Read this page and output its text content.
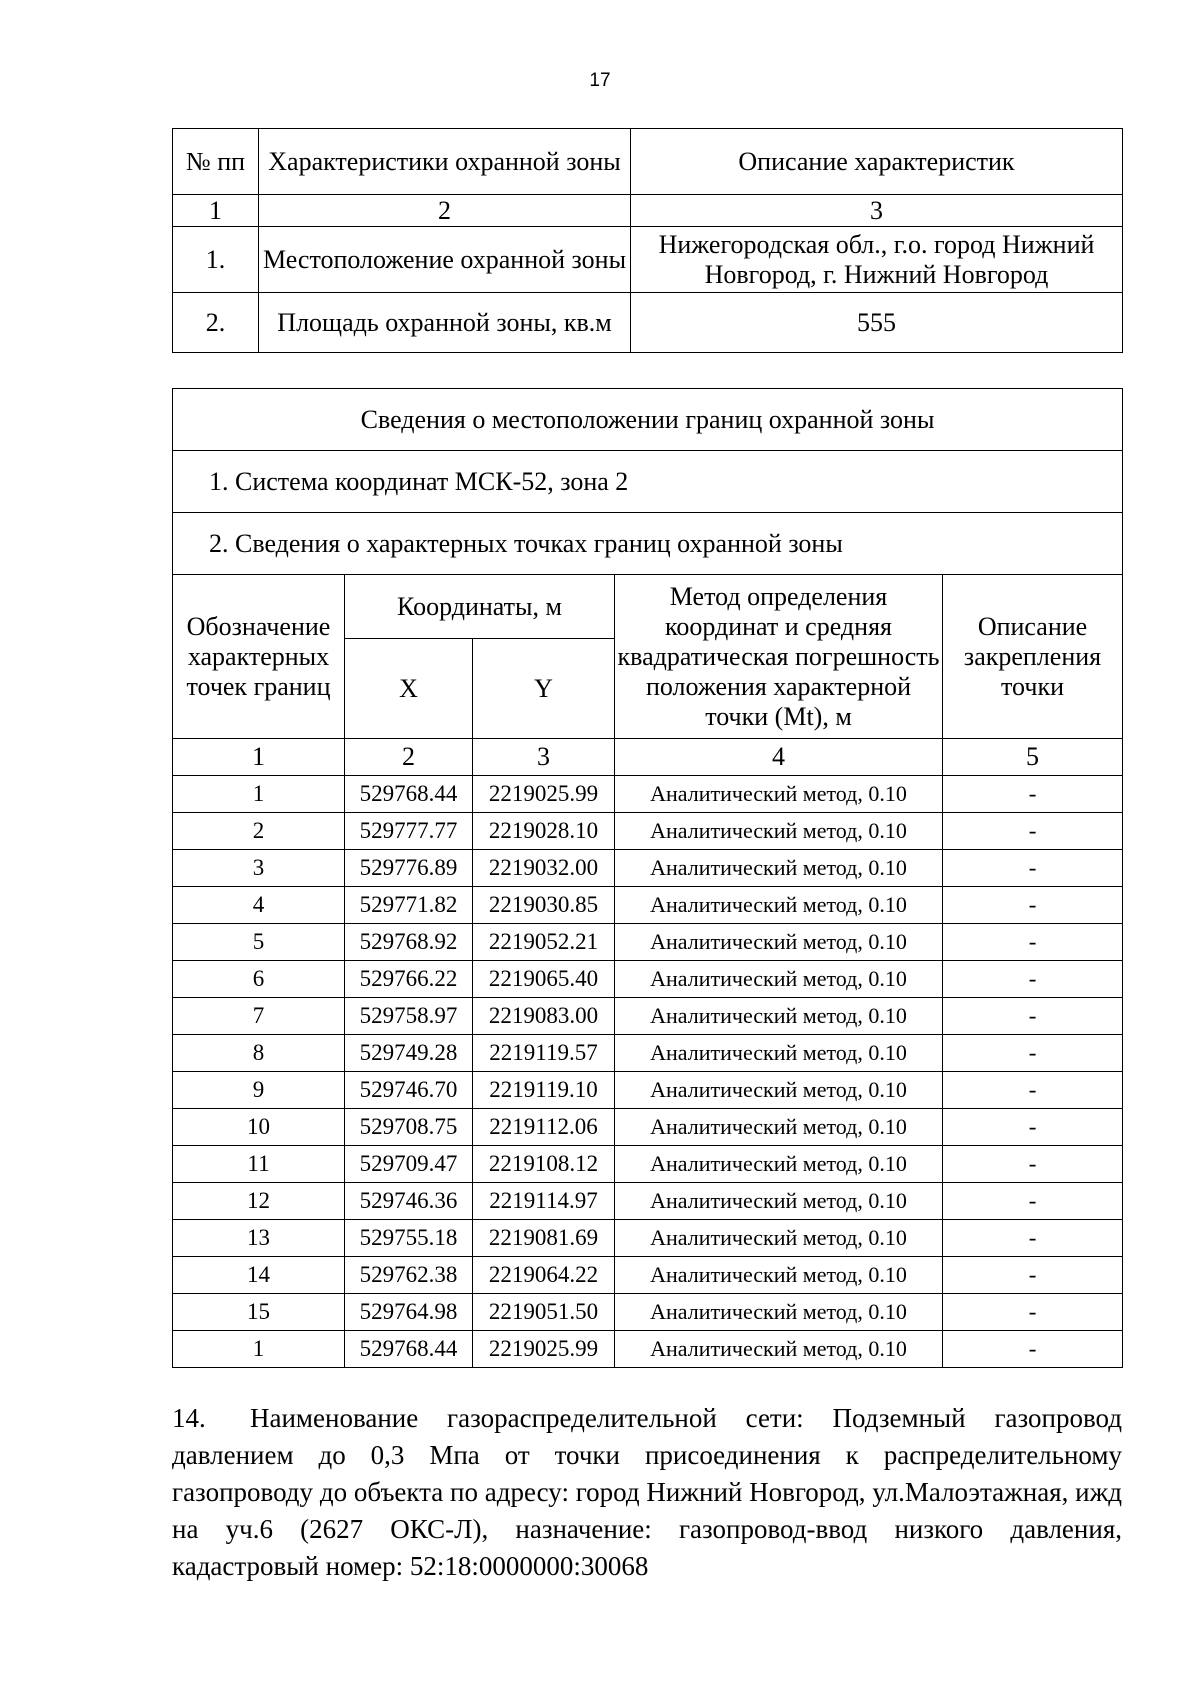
17
№ пп	Характеристики охранной зоны	Описание характеристик
1	2	3
1.	Местоположение охранной зоны	Нижегородская обл., г.о. город Нижний Новгород, г. Нижний Новгород
2.	Площадь охранной зоны, кв.м	555
Сведения о местоположении границ охранной зоны				
1. Система координат МСК-52, зона 2				
2. Сведения о характерных точках границ охранной зоны				
Обозначение характерных точек границ	Координаты, м		Метод определения координат и средняя квадратическая погрешность положения характерной точки (Mt), м	Описание закрепления точки
	X	Y		
1	2	3	4	5
1	529768.44	2219025.99	Аналитический метод, 0.10	-
2	529777.77	2219028.10	Аналитический метод, 0.10	-
3	529776.89	2219032.00	Аналитический метод, 0.10	-
4	529771.82	2219030.85	Аналитический метод, 0.10	-
5	529768.92	2219052.21	Аналитический метод, 0.10	-
6	529766.22	2219065.40	Аналитический метод, 0.10	-
7	529758.97	2219083.00	Аналитический метод, 0.10	-
8	529749.28	2219119.57	Аналитический метод, 0.10	-
9	529746.70	2219119.10	Аналитический метод, 0.10	-
10	529708.75	2219112.06	Аналитический метод, 0.10	-
11	529709.47	2219108.12	Аналитический метод, 0.10	-
12	529746.36	2219114.97	Аналитический метод, 0.10	-
13	529755.18	2219081.69	Аналитический метод, 0.10	-
14	529762.38	2219064.22	Аналитический метод, 0.10	-
15	529764.98	2219051.50	Аналитический метод, 0.10	-
1	529768.44	2219025.99	Аналитический метод, 0.10	-

14. Наименование газораспределительной сети: Подземный газопровод давлением до 0,3 Мпа от точки присоединения к распределительному газопроводу до объекта по адресу: город Нижний Новгород, ул.Малоэтажная, ижд на уч.6 (2627 ОКС-Л), назначение: газопровод-ввод низкого давления, кадастровый номер: 52:18:0000000:30068
